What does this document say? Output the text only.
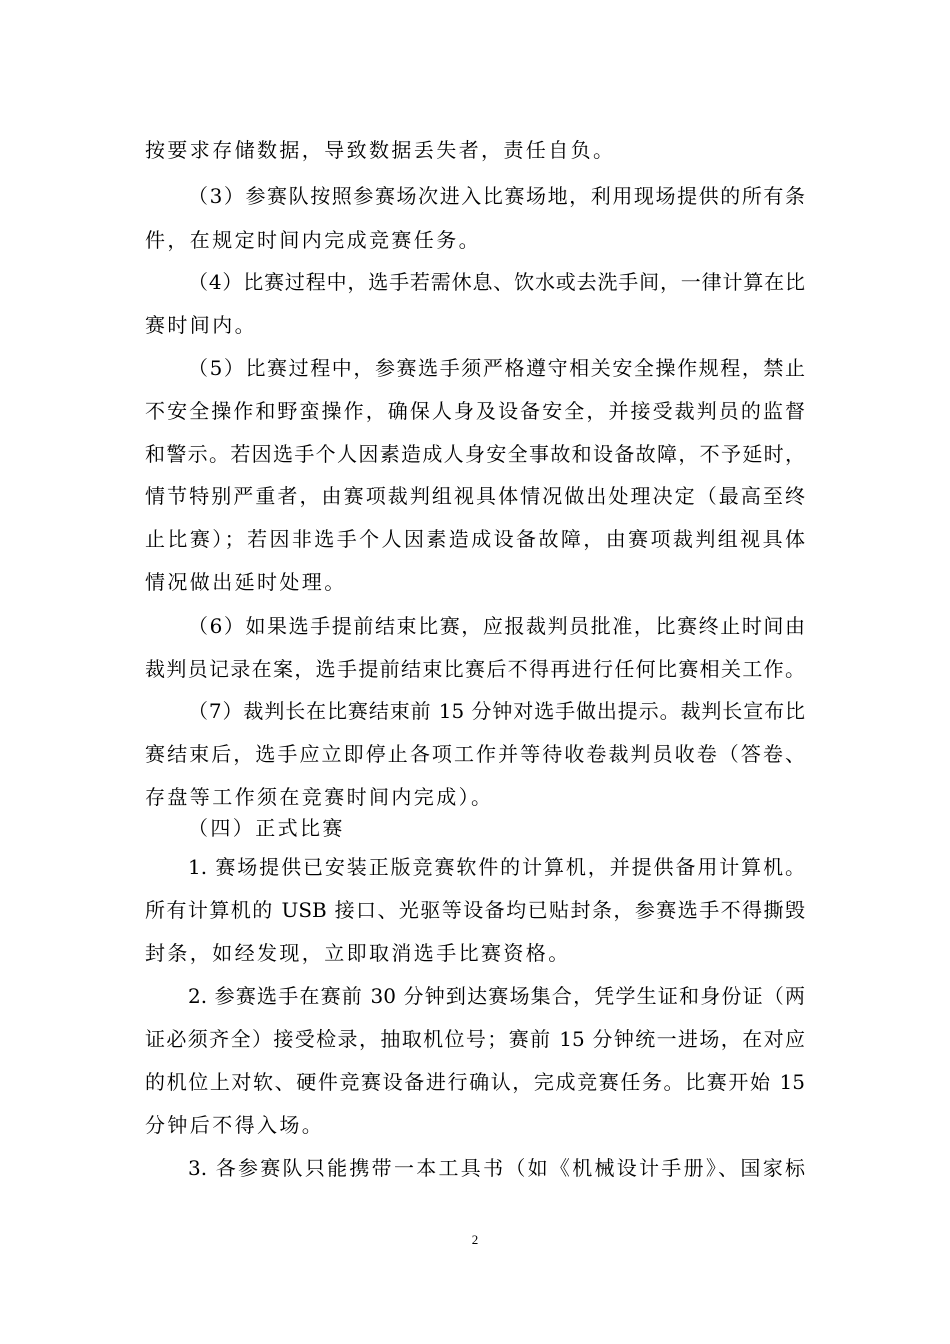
按要求存储数据，导致数据丢失者，责任自负。
（3）参赛队按照参赛场次进入比赛场地，利用现场提供的所有条
件，在规定时间内完成竞赛任务。
（4）比赛过程中，选手若需休息、饮水或去洗手间，一律计算在比
赛时间内。
（5）比赛过程中，参赛选手须严格遵守相关安全操作规程，禁止
不安全操作和野蛮操作，确保人身及设备安全，并接受裁判员的监督
和警示。若因选手个人因素造成人身安全事故和设备故障，不予延时，
情节特别严重者，由赛项裁判组视具体情况做出处理决定（最高至终
止比赛）；若因非选手个人因素造成设备故障，由赛项裁判组视具体
情况做出延时处理。
（6）如果选手提前结束比赛，应报裁判员批准，比赛终止时间由
裁判员记录在案，选手提前结束比赛后不得再进行任何比赛相关工作。
（7）裁判长在比赛结束前 15 分钟对选手做出提示。裁判长宣布比
赛结束后，选手应立即停止各项工作并等待收卷裁判员收卷（答卷、
存盘等工作须在竞赛时间内完成）。
（四）正式比赛
1. 赛场提供已安装正版竞赛软件的计算机，并提供备用计算机。
所有计算机的 USB 接口、光驱等设备均已贴封条，参赛选手不得撕毁
封条，如经发现，立即取消选手比赛资格。
2. 参赛选手在赛前 30 分钟到达赛场集合，凭学生证和身份证（两
证必须齐全）接受检录，抽取机位号；赛前 15 分钟统一进场，在对应
的机位上对软、硬件竞赛设备进行确认，完成竞赛任务。比赛开始 15
分钟后不得入场。
3. 各参赛队只能携带一本工具书（如《机械设计手册》、国家标
2
